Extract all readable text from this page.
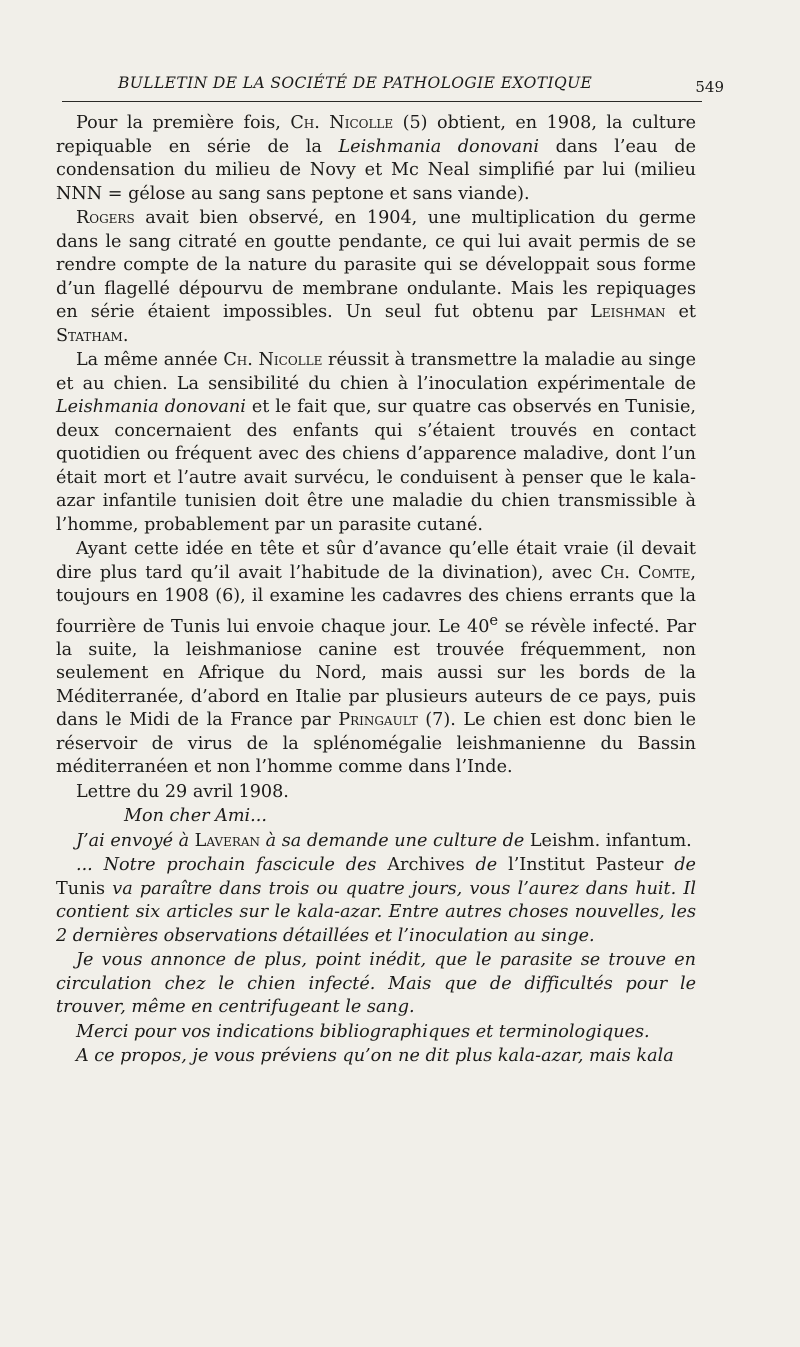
BULLETIN DE LA SOCIÉTÉ DE PATHOLOGIE EXOTIQUE	549

Pour la première fois, Ch. Nicolle (5) obtient, en 1908, la culture repiquable en série de la Leishmania donovani dans l’eau de condensation du milieu de Novy et Mc Neal simplifié par lui (milieu NNN = gélose au sang sans peptone et sans viande).

Rogers avait bien observé, en 1904, une multiplication du germe dans le sang citraté en goutte pendante, ce qui lui avait permis de se rendre compte de la nature du parasite qui se développait sous forme d’un flagellé dépourvu de membrane ondulante. Mais les repiquages en série étaient impossibles. Un seul fut obtenu par Leishman et Statham.

La même année Ch. Nicolle réussit à transmettre la maladie au singe et au chien. La sensibilité du chien à l’inoculation expérimentale de Leishmania donovani et le fait que, sur quatre cas observés en Tunisie, deux concernaient des enfants qui s’étaient trouvés en contact quotidien ou fréquent avec des chiens d’apparence maladive, dont l’un était mort et l’autre avait survécu, le conduisent à penser que le kala-azar infantile tunisien doit être une maladie du chien transmissible à l’homme, probablement par un parasite cutané.

Ayant cette idée en tête et sûr d’avance qu’elle était vraie (il devait dire plus tard qu’il avait l’habitude de la divination), avec Ch. Comte, toujours en 1908 (6), il examine les cadavres des chiens errants que la fourrière de Tunis lui envoie chaque jour. Le 40e se révèle infecté. Par la suite, la leishmaniose canine est trouvée fréquemment, non seulement en Afrique du Nord, mais aussi sur les bords de la Méditerranée, d’abord en Italie par plusieurs auteurs de ce pays, puis dans le Midi de la France par Pringault (7). Le chien est donc bien le réservoir de virus de la splénomégalie leishmanienne du Bassin méditerranéen et non l’homme comme dans l’Inde.

Lettre du 29 avril 1908.

Mon cher Ami...

J’ai envoyé à Laveran à sa demande une culture de Leishm. infantum.

... Notre prochain fascicule des Archives de l’Institut Pasteur de Tunis va paraître dans trois ou quatre jours, vous l’aurez dans huit. Il contient six articles sur le kala-azar. Entre autres choses nouvelles, les 2 dernières observations détaillées et l’inoculation au singe.

Je vous annonce de plus, point inédit, que le parasite se trouve en circulation chez le chien infecté. Mais que de difficultés pour le trouver, même en centrifugeant le sang.

Merci pour vos indications bibliographiques et terminologiques.

A ce propos, je vous préviens qu’on ne dit plus kala-azar, mais kala
